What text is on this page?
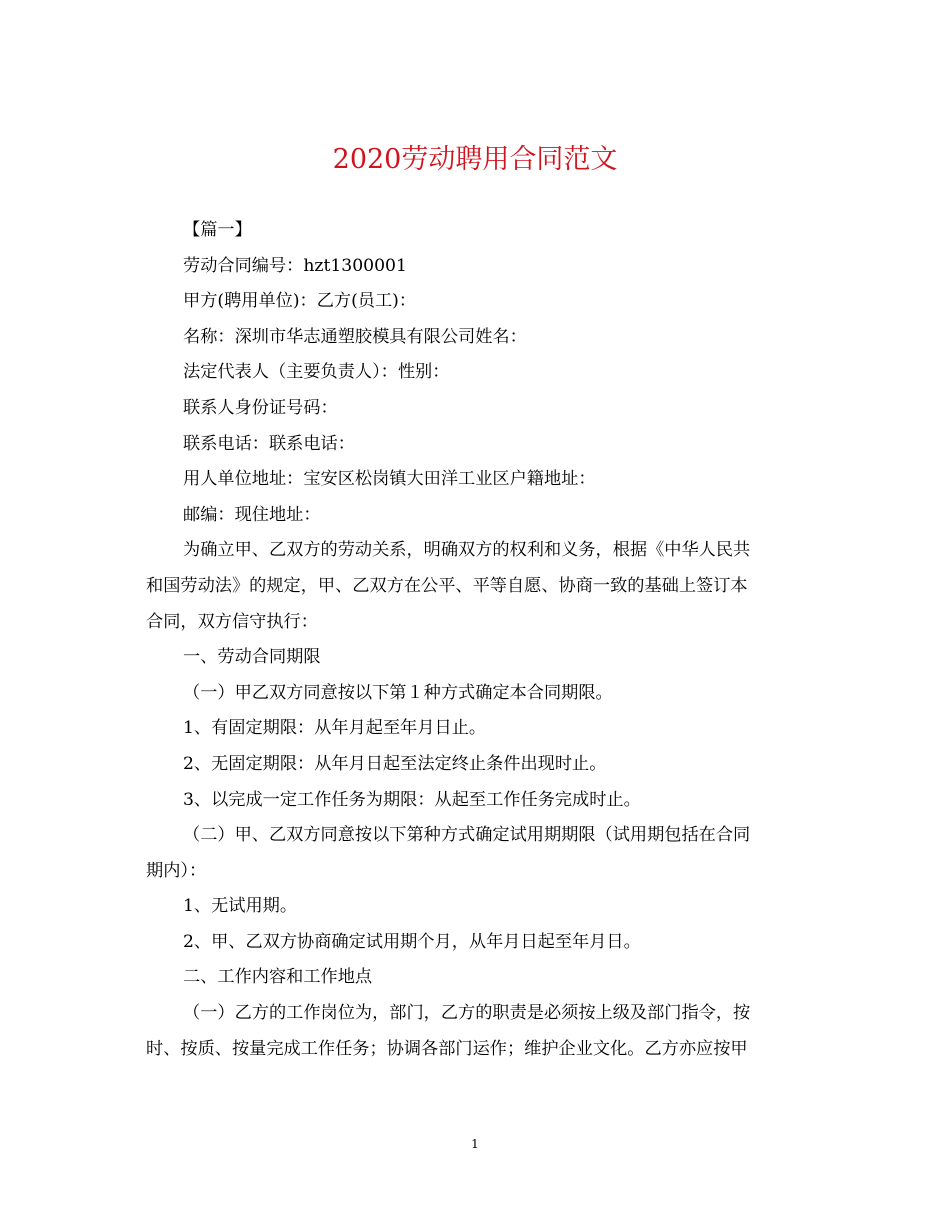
2020劳动聘用合同范文
【篇一】
劳动合同编号：hzt1300001
甲方(聘用单位)：乙方(员工)：
名称：深圳市华志通塑胶模具有限公司姓名：
法定代表人（主要负责人）：性别：
联系人身份证号码：
联系电话：联系电话：
用人单位地址：宝安区松岗镇大田洋工业区户籍地址：
邮编：现住地址：
为确立甲、乙双方的劳动关系，明确双方的权利和义务，根据《中华人民共
和国劳动法》的规定，甲、乙双方在公平、平等自愿、协商一致的基础上签订本
合同，双方信守执行：
一、劳动合同期限
（一）甲乙双方同意按以下第１种方式确定本合同期限。
1、有固定期限：从年月起至年月日止。
2、无固定期限：从年月日起至法定终止条件出现时止。
3、以完成一定工作任务为期限：从起至工作任务完成时止。
（二）甲、乙双方同意按以下第种方式确定试用期期限（试用期包括在合同
期内）：
1、无试用期。
2、甲、乙双方协商确定试用期个月，从年月日起至年月日。
二、工作内容和工作地点
（一）乙方的工作岗位为，部门，乙方的职责是必须按上级及部门指令，按
时、按质、按量完成工作任务；协调各部门运作；维护企业文化。乙方亦应按甲
1
